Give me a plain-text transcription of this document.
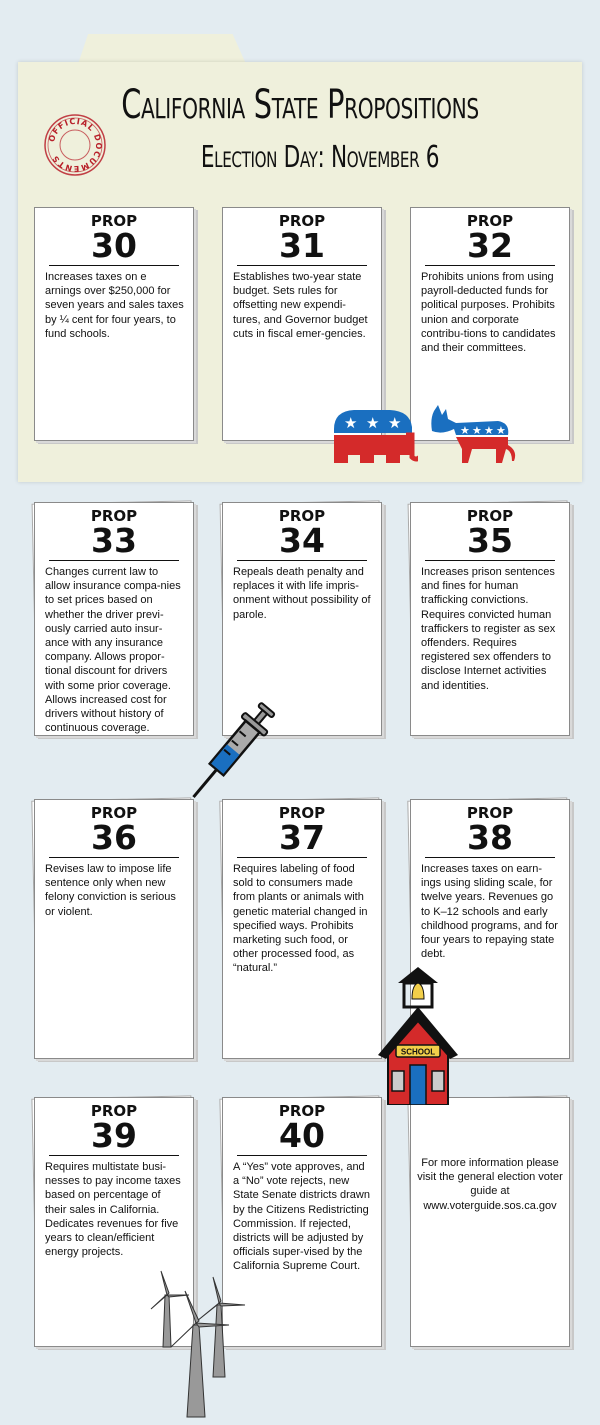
California State Propositions
Election Day: November 6
OFFICIAL DOCUMENTS
PROP
30
Increases taxes on e arnings over $250,000 for seven years and sales taxes by ¼ cent for four years, to fund schools.
PROP
31
Establishes two-year state budget. Sets rules for offsetting new expendi-tures, and Governor budget cuts in fiscal emer-gencies.
PROP
32
Prohibits unions from using payroll-deducted funds for political purposes. Prohibits union and corporate contribu-tions to candidates and their committees.
PROP
33
Changes current law to allow insurance compa-nies to set prices based on whether the driver previ-ously carried auto insur-ance with any insurance company. Allows propor-tional discount for drivers with some prior coverage. Allows increased cost for drivers without history of continuous coverage.
PROP
34
Repeals death penalty and replaces it with life impris-onment without possibility of parole.
PROP
35
Increases prison sentences and fines for human trafficking convictions. Requires convicted human traffickers to register as sex offenders. Requires registered sex offenders to disclose Internet activities and identities.
PROP
36
Revises law to impose life sentence only when new felony conviction is serious or violent.
PROP
37
Requires labeling of food sold to consumers made from plants or animals with genetic material changed in specified ways. Prohibits marketing such food, or other processed food, as “natural.”
PROP
38
Increases taxes on earn-ings using sliding scale, for twelve years. Revenues go to K–12 schools and early childhood programs, and for four years to repaying state debt.
PROP
39
Requires multistate busi-nesses to pay income taxes based on percentage of their sales in California. Dedicates revenues for five years to clean/efficient energy projects.
PROP
40
A “Yes” vote approves, and a “No” vote rejects, new State Senate districts drawn by the Citizens Redistricting Commission. If rejected, districts will be adjusted by officials super-vised by the California Supreme Court.
For more information please visit the general election voter guide at www.voterguide.sos.ca.gov
★ ★ ★	★ ★ ★ ★
SCHOOL
